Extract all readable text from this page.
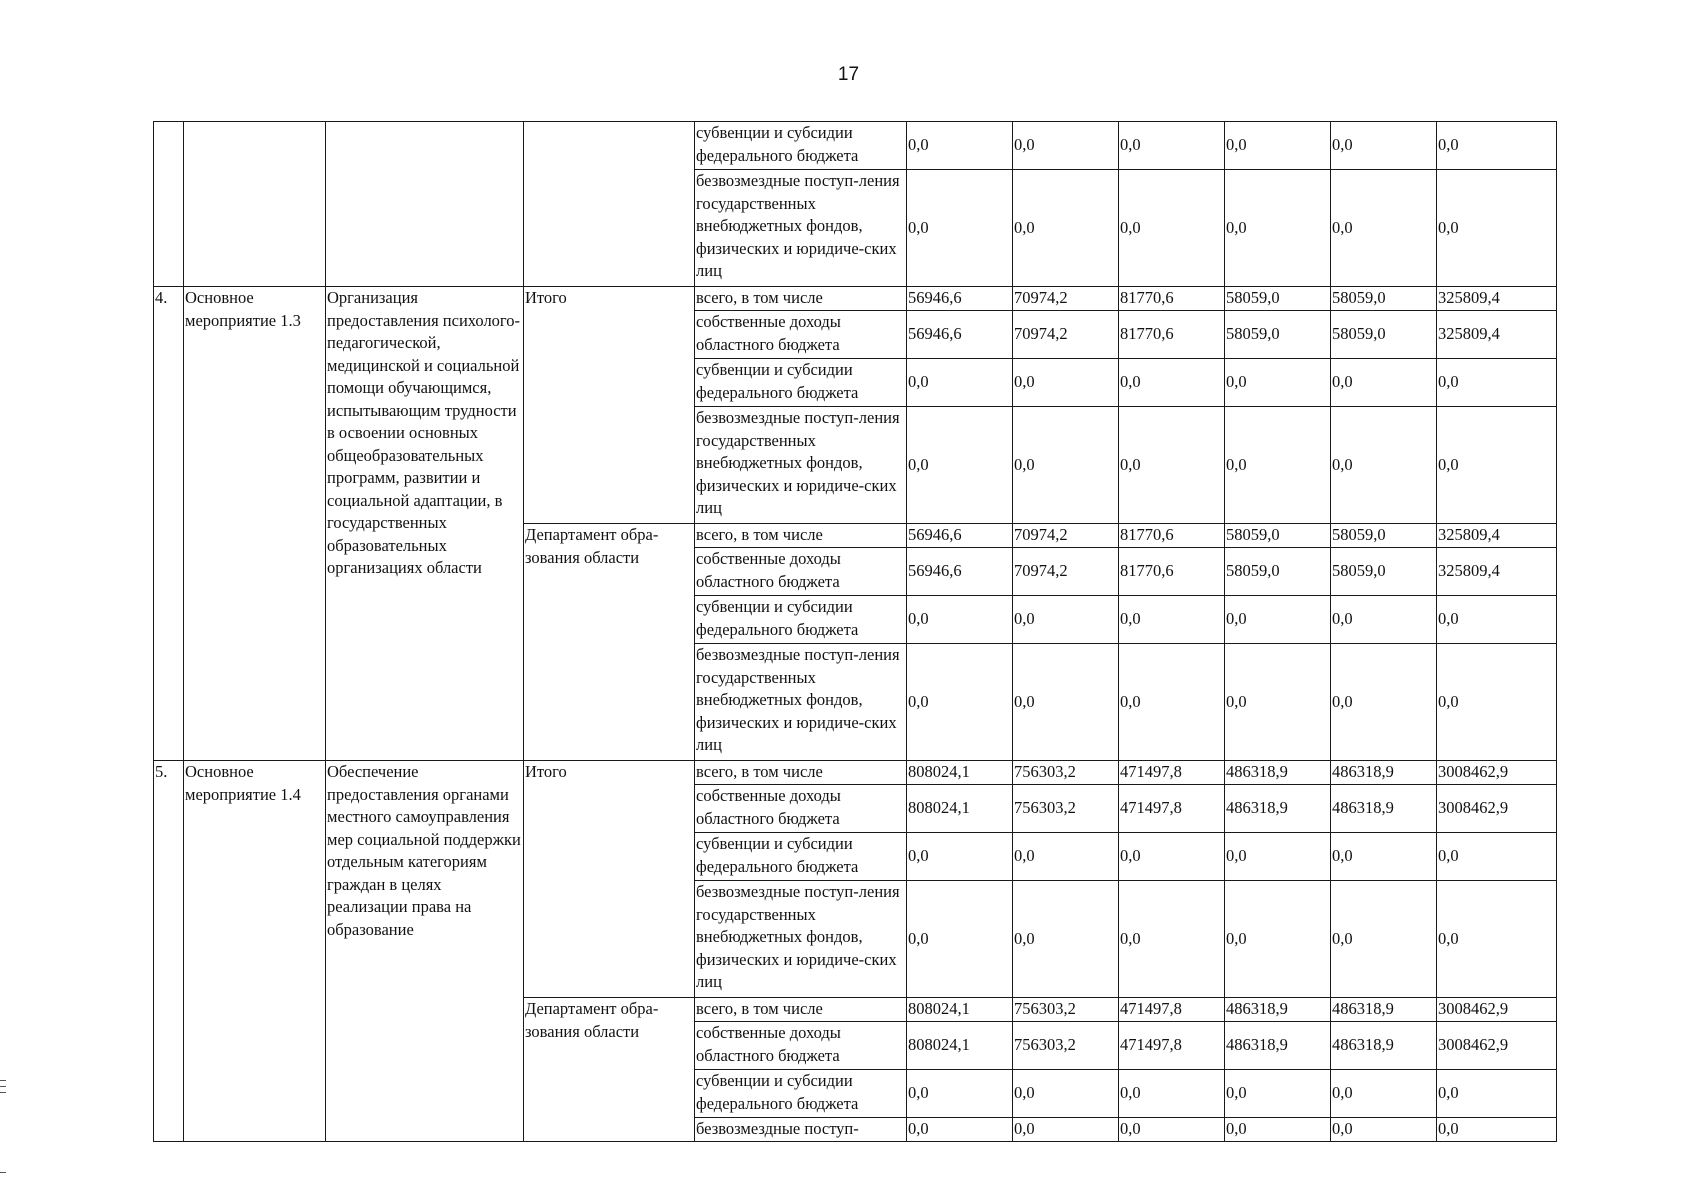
17
				субвенции и субсидии федерального бюджета	0,0	0,0	0,0	0,0	0,0	0,0
				безвозмездные поступ-ления государственных внебюджетных фондов, физических и юридиче-ских лиц	0,0	0,0	0,0	0,0	0,0	0,0
4.	Основное мероприятие 1.3	Организация предоставления психолого-педагогической, медицинской и социальной помощи обучающимся, испытывающим трудности в освоении основных общеобразовательных программ, развитии и социальной адаптации, в государственных образовательных организациях области	Итого	всего, в том числе	56946,6	70974,2	81770,6	58059,0	58059,0	325809,4
				собственные доходы областного бюджета	56946,6	70974,2	81770,6	58059,0	58059,0	325809,4
				субвенции и субсидии федерального бюджета	0,0	0,0	0,0	0,0	0,0	0,0
				безвозмездные поступ-ления государственных внебюджетных фондов, физических и юридиче-ских лиц	0,0	0,0	0,0	0,0	0,0	0,0
			Департамент обра-зования области	всего, в том числе	56946,6	70974,2	81770,6	58059,0	58059,0	325809,4
				собственные доходы областного бюджета	56946,6	70974,2	81770,6	58059,0	58059,0	325809,4
				субвенции и субсидии федерального бюджета	0,0	0,0	0,0	0,0	0,0	0,0
				безвозмездные поступ-ления государственных внебюджетных фондов, физических и юридиче-ских лиц	0,0	0,0	0,0	0,0	0,0	0,0
5.	Основное мероприятие 1.4	Обеспечение предоставления органами местного самоуправления мер социальной поддержки отдельным категориям граждан в целях реализации права на образование	Итого	всего, в том числе	808024,1	756303,2	471497,8	486318,9	486318,9	3008462,9
				собственные доходы областного бюджета	808024,1	756303,2	471497,8	486318,9	486318,9	3008462,9
				субвенции и субсидии федерального бюджета	0,0	0,0	0,0	0,0	0,0	0,0
				безвозмездные поступ-ления государственных внебюджетных фондов, физических и юридиче-ских лиц	0,0	0,0	0,0	0,0	0,0	0,0
			Департамент обра-зования области	всего, в том числе	808024,1	756303,2	471497,8	486318,9	486318,9	3008462,9
				собственные доходы областного бюджета	808024,1	756303,2	471497,8	486318,9	486318,9	3008462,9
				субвенции и субсидии федерального бюджета	0,0	0,0	0,0	0,0	0,0	0,0
				безвозмездные поступ-	0,0	0,0	0,0	0,0	0,0	0,0
